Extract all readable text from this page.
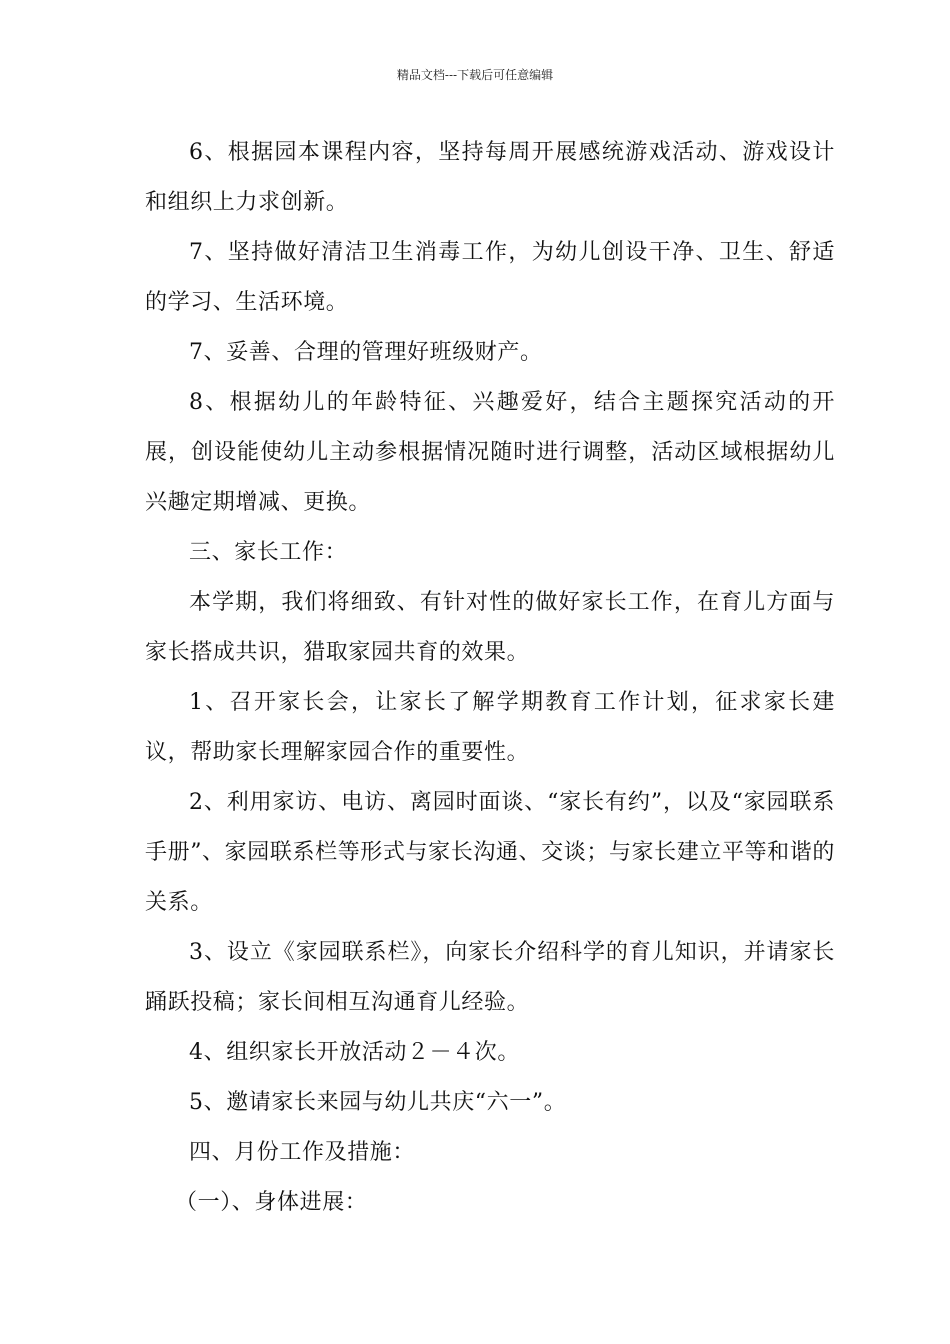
精品文档---下载后可任意编辑

6、根据园本课程内容，坚持每周开展感统游戏活动、游戏设计和组织上力求创新。

7、坚持做好清洁卫生消毒工作，为幼儿创设干净、卫生、舒适的学习、生活环境。

7、妥善、合理的管理好班级财产。

8、根据幼儿的年龄特征、兴趣爱好，结合主题探究活动的开展，创设能使幼儿主动参根据情况随时进行调整，活动区域根据幼儿兴趣定期增减、更换。

三、家长工作：

本学期，我们将细致、有针对性的做好家长工作，在育儿方面与家长搭成共识，猎取家园共育的效果。

1、召开家长会，让家长了解学期教育工作计划，征求家长建议，帮助家长理解家园合作的重要性。

2、利用家访、电访、离园时面谈、“家长有约”，以及“家园联系手册”、家园联系栏等形式与家长沟通、交谈；与家长建立平等和谐的关系。

3、设立《家园联系栏》，向家长介绍科学的育儿知识，并请家长踊跃投稿；家长间相互沟通育儿经验。

4、组织家长开放活动２－４次。

5、邀请家长来园与幼儿共庆“六一”。

四、月份工作及措施：

（一）、身体进展：
